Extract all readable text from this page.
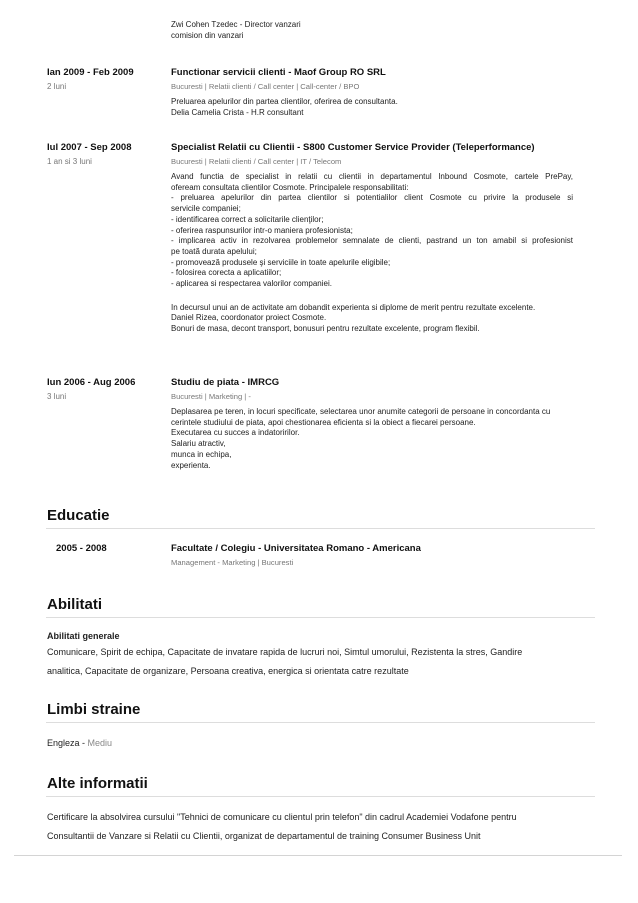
Zwi Cohen Tzedec - Director vanzari
comision din vanzari
Ian 2009 - Feb 2009
2 luni
Functionar servicii clienti - Maof Group RO SRL
Bucuresti | Relatii clienti / Call center | Call-center / BPO
Preluarea apelurilor din partea clientilor, oferirea de consultanta.
Delia Camelia Crista - H.R consultant
Iul 2007 - Sep 2008
1 an si 3 luni
Specialist Relatii cu Clientii - S800 Customer Service Provider (Teleperformance)
Bucuresti | Relatii clienti / Call center | IT / Telecom
Avand functia de specialist in relatii cu clientii in departamentul Inbound Cosmote, cartele PrePay,
ofeream consultata clientilor Cosmote. Principalele responsabilitati:
- preluarea apelurilor din partea clientilor si potentialilor client Cosmote cu privire la produsele si
servicile companiei;
- identificarea correct a solicitarile clienţilor;
- oferirea raspunsurilor intr-o maniera profesionista;
- implicarea activ in rezolvarea problemelor semnalate de clienti, pastrand un ton amabil si profesionist
pe toată durata apelului;
- promovează produsele şi serviciile in toate apelurile eligibile;
- folosirea corecta a aplicatiilor;
- aplicarea si respectarea valorilor companiei.
In decursul unui an de activitate am dobandit experienta si diplome de merit pentru rezultate excelente.
Daniel Rizea, coordonator proiect Cosmote.
Bonuri de masa, decont transport, bonusuri pentru rezultate excelente, program flexibil.
Iun 2006 - Aug 2006
3 luni
Studiu de piata - IMRCG
Bucuresti | Marketing | -
Deplasarea pe teren, in locuri specificate, selectarea unor anumite categorii de persoane in concordanta cu
cerintele studiului de piata, apoi chestionarea eficienta si la obiect a fiecarei persoane.
Executarea cu succes a indatoririlor.
Salariu atractiv,
munca in echipa,
experienta.
Educatie
2005 - 2008	Facultate / Colegiu - Universitatea Romano - Americana
Management - Marketing | Bucuresti
Abilitati
Abilitati generale
Comunicare, Spirit de echipa, Capacitate de invatare rapida de lucruri noi, Simtul umorului, Rezistenta la stres, Gandire
analitica, Capacitate de organizare, Persoana creativa, energica si orientata catre rezultate
Limbi straine
Engleza - Mediu
Alte informatii
Certificare la absolvirea cursului "Tehnici de comunicare cu clientul prin telefon" din cadrul Academiei Vodafone pentru
Consultantii de Vanzare si Relatii cu Clientii, organizat de departamentul de training Consumer Business Unit
